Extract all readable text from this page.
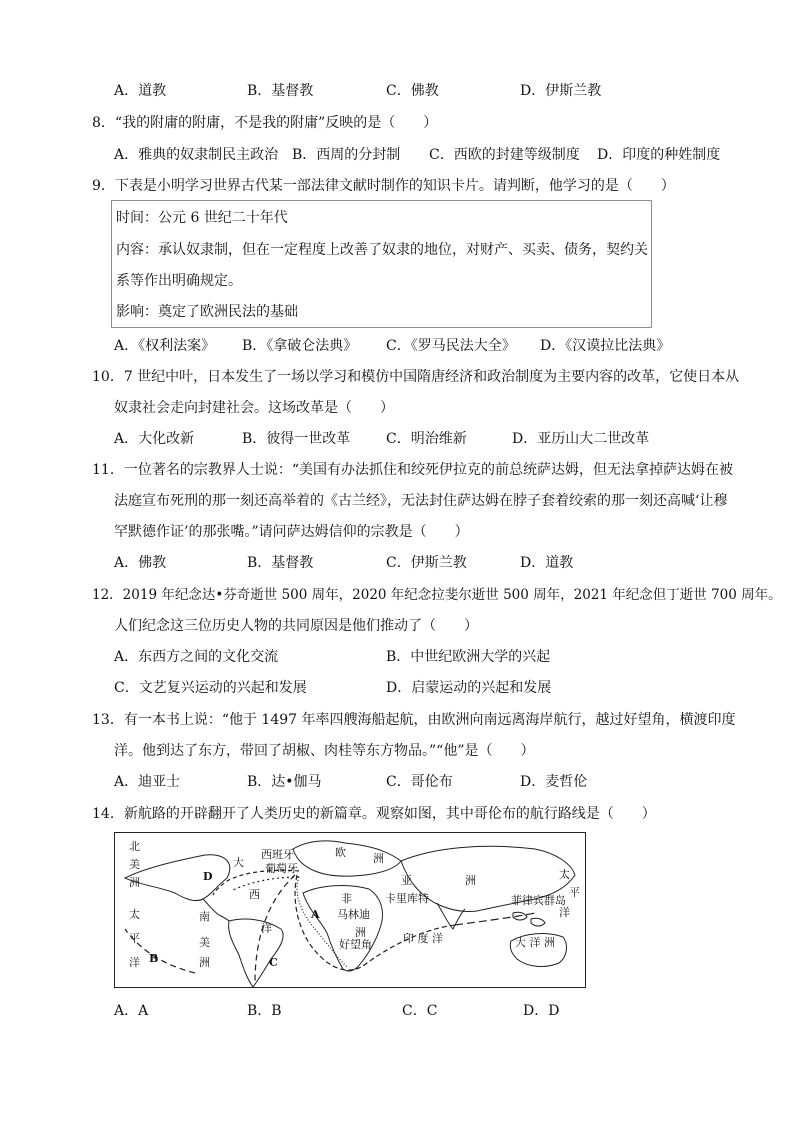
A．道教	B．基督教	C．佛教	D．伊斯兰教
8．“我的附庸的附庸，不是我的附庸”反映的是（　　）
A．雅典的奴隶制民主政治 B．西周的分封制 C．西欧的封建等级制度 D．印度的种姓制度
9．下表是小明学习世界古代某一部法律文献时制作的知识卡片。请判断，他学习的是（　　）
时间：公元 6 世纪二十年代
内容：承认奴隶制，但在一定程度上改善了奴隶的地位，对财产、买卖、债务，契约关
系等作出明确规定。
影响：奠定了欧洲民法的基础
A．《权利法案》 B．《拿破仑法典》 C．《罗马民法大全》 D．《汉谟拉比法典》
10．7 世纪中叶，日本发生了一场以学习和模仿中国隋唐经济和政治制度为主要内容的改革，它使日本从
奴隶社会走向封建社会。这场改革是（　　）
A．大化改新	B．彼得一世改革	C．明治维新	D．亚历山大二世改革
11．一位著名的宗教界人士说：“美国有办法抓住和绞死伊拉克的前总统萨达姆，但无法拿掉萨达姆在被
法庭宣布死刑的那一刻还高举着的《古兰经》，无法封住萨达姆在脖子套着绞索的那一刻还高喊‘让穆
罕默德作证’的那张嘴。”请问萨达姆信仰的宗教是（　　）
A．佛教	B．基督教	C．伊斯兰教	D．道教
12．2019 年纪念达•芬奇逝世 500 周年，2020 年纪念拉斐尔逝世 500 周年，2021 年纪念但丁逝世 700 周年。
人们纪念这三位历史人物的共同原因是他们推动了（　　）
A．东西方之间的文化交流	B．中世纪欧洲大学的兴起
C．文艺复兴运动的兴起和发展	D．启蒙运动的兴起和发展
13．有一本书上说：“他于 1497 年率四艘海船起航，由欧洲向南远离海岸航行，越过好望角，横渡印度
洋。他到达了东方，带回了胡椒、肉桂等东方物品。”“他”是（　　）
A．迪亚士	B．达•伽马	C．哥伦布	D．麦哲伦
14．新航路的开辟翻开了人类历史的新篇章。观察如图，其中哥伦布的航行路线是（　　）
北
美
洲
太
平
洋
大
西班牙
葡萄牙
西
洋
欧 洲
亚	洲
非
马林迪
卡里库特
洲
南
美
洲
好望角	印 度 洋
菲律宾群岛
太
平
洋
大 洋 洲
A
B	C
D
A．A	B．B	C．C	D．D
